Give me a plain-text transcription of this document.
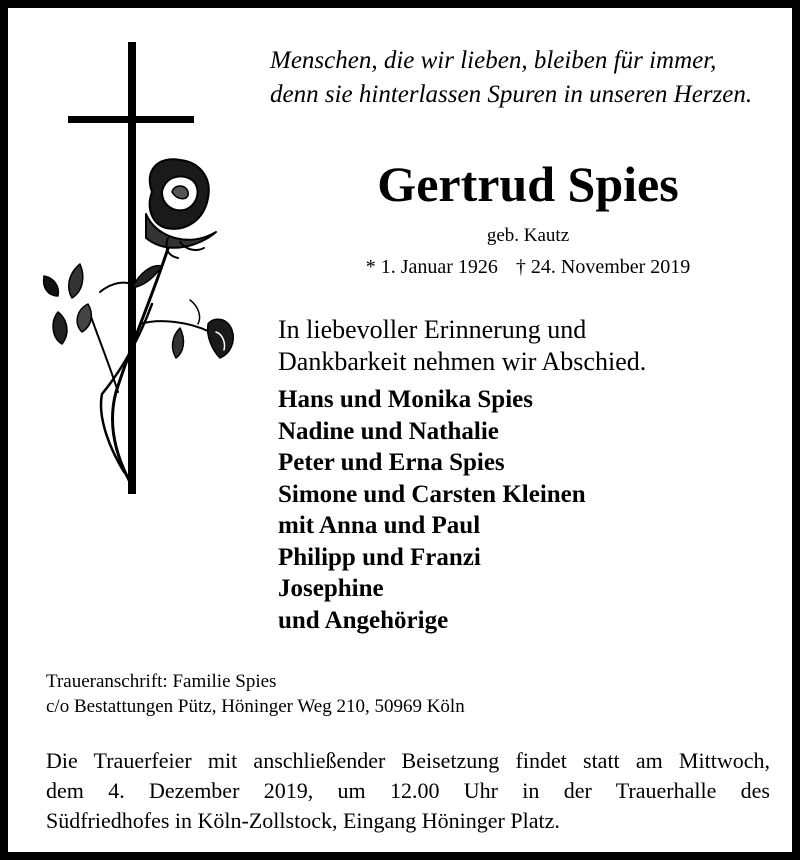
Menschen, die wir lieben, bleiben für immer,
denn sie hinterlassen Spuren in unseren Herzen.
Gertrud Spies
geb. Kautz
* 1. Januar 1926 † 24. November 2019
In liebevoller Erinnerung und
Dankbarkeit nehmen wir Abschied.
Hans und Monika Spies
Nadine und Nathalie
Peter und Erna Spies
Simone und Carsten Kleinen
mit Anna und Paul
Philipp und Franzi
Josephine
und Angehörige
Traueranschrift: Familie Spies
c/o Bestattungen Pütz, Höninger Weg 210, 50969 Köln
Die Trauerfeier mit anschließender Beisetzung findet statt am Mittwoch,
dem 4. Dezember 2019, um 12.00 Uhr in der Trauerhalle des
Südfriedhofes in Köln-Zollstock, Eingang Höninger Platz.
